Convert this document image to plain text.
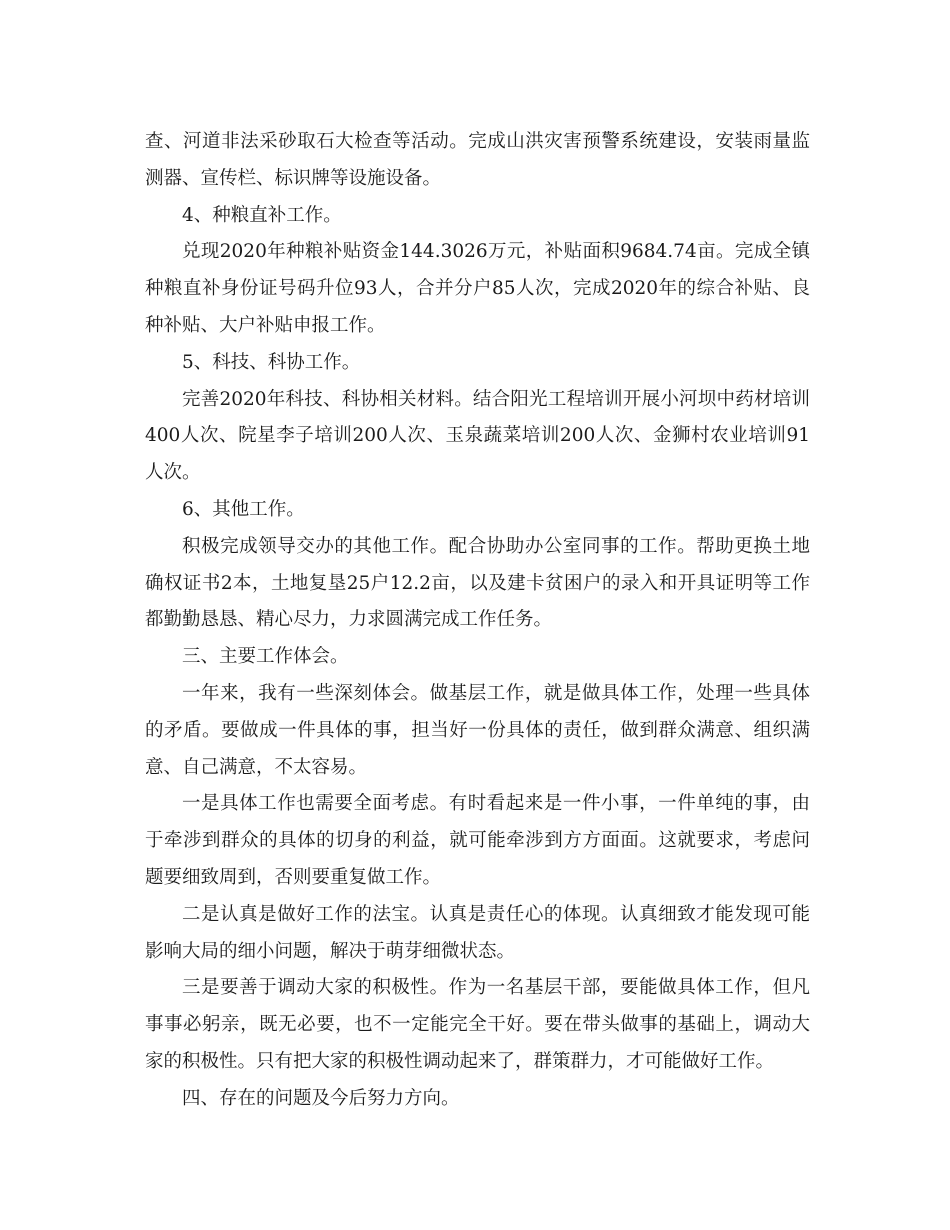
查、河道非法采砂取石大检查等活动。完成山洪灾害预警系统建设，安装雨量监测器、宣传栏、标识牌等设施设备。

4、种粮直补工作。

兑现2020年种粮补贴资金144.3026万元，补贴面积9684.74亩。完成全镇种粮直补身份证号码升位93人，合并分户85人次，完成2020年的综合补贴、良种补贴、大户补贴申报工作。

5、科技、科协工作。

完善2020年科技、科协相关材料。结合阳光工程培训开展小河坝中药材培训400人次、院星李子培训200人次、玉泉蔬菜培训200人次、金狮村农业培训91人次。

6、其他工作。

积极完成领导交办的其他工作。配合协助办公室同事的工作。帮助更换土地确权证书2本，土地复垦25户12.2亩，以及建卡贫困户的录入和开具证明等工作都勤勤恳恳、精心尽力，力求圆满完成工作任务。

三、主要工作体会。

一年来，我有一些深刻体会。做基层工作，就是做具体工作，处理一些具体的矛盾。要做成一件具体的事，担当好一份具体的责任，做到群众满意、组织满意、自己满意，不太容易。

一是具体工作也需要全面考虑。有时看起来是一件小事，一件单纯的事，由于牵涉到群众的具体的切身的利益，就可能牵涉到方方面面。这就要求，考虑问题要细致周到，否则要重复做工作。

二是认真是做好工作的法宝。认真是责任心的体现。认真细致才能发现可能影响大局的细小问题，解决于萌芽细微状态。

三是要善于调动大家的积极性。作为一名基层干部，要能做具体工作，但凡事事必躬亲，既无必要，也不一定能完全干好。要在带头做事的基础上，调动大家的积极性。只有把大家的积极性调动起来了，群策群力，才可能做好工作。

四、存在的问题及今后努力方向。
